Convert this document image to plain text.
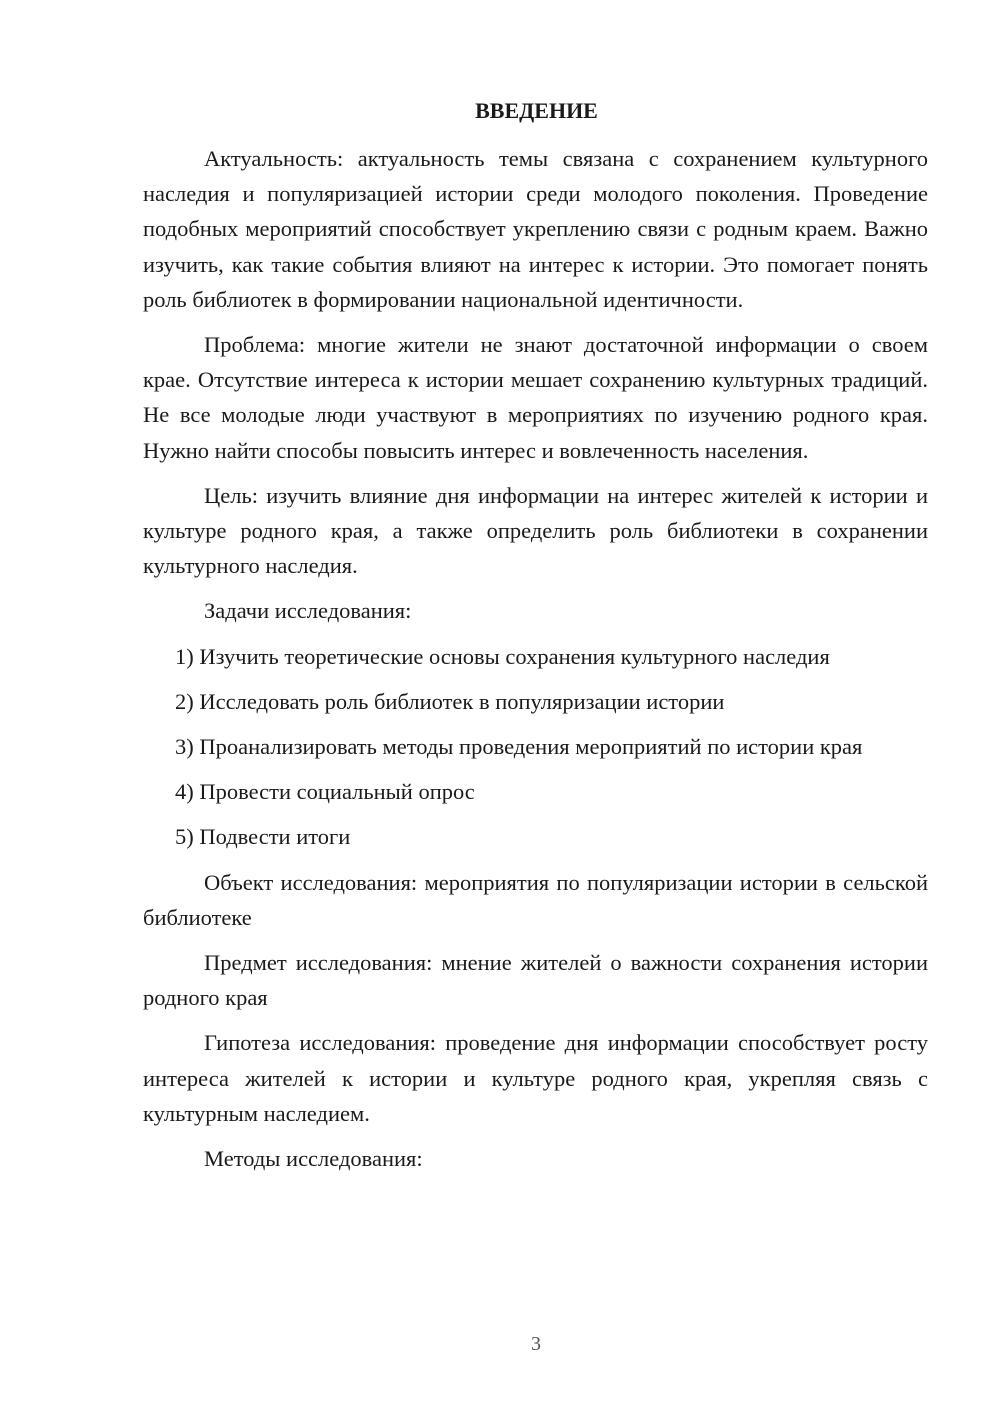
ВВЕДЕНИЕ

Актуальность: актуальность темы связана с сохранением культурного наследия и популяризацией истории среди молодого поколения. Проведение подобных мероприятий способствует укреплению связи с родным краем. Важно изучить, как такие события влияют на интерес к истории. Это помогает понять роль библиотек в формировании национальной идентичности.

Проблема: многие жители не знают достаточной информации о своем крае. Отсутствие интереса к истории мешает сохранению культурных традиций. Не все молодые люди участвуют в мероприятиях по изучению родного края. Нужно найти способы повысить интерес и вовлеченность населения.

Цель: изучить влияние дня информации на интерес жителей к истории и культуре родного края, а также определить роль библиотеки в сохранении культурного наследия.

Задачи исследования:

1) Изучить теоретические основы сохранения культурного наследия

2) Исследовать роль библиотек в популяризации истории

3) Проанализировать методы проведения мероприятий по истории края

4) Провести социальный опрос

5) Подвести итоги

Объект исследования: мероприятия по популяризации истории в сельской библиотеке

Предмет исследования: мнение жителей о важности сохранения истории родного края

Гипотеза исследования: проведение дня информации способствует росту интереса жителей к истории и культуре родного края, укрепляя связь с культурным наследием.

Методы исследования:

3
